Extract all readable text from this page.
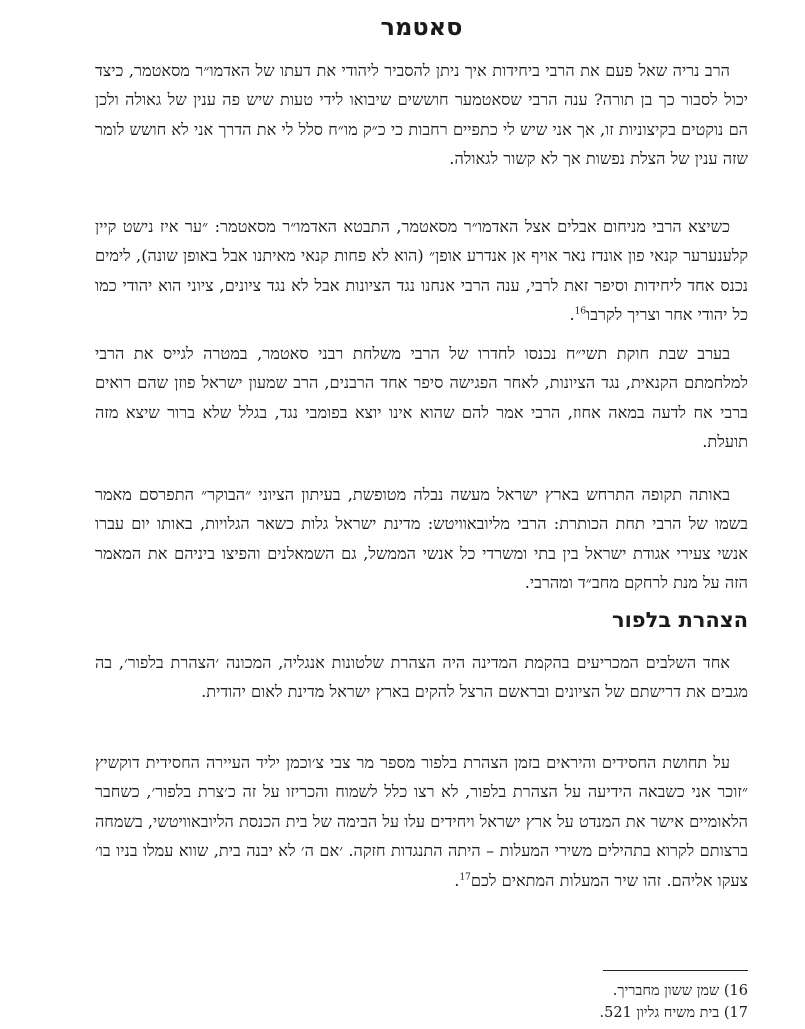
סאטמר

הרב נריה שאל פעם את הרבי ביחידות איך ניתן להסביר ליהודי את דעתו של האדמו״ר מסאטמר, כיצד יכול לסבור כך בן תורה? ענה הרבי שסאטמער חוששים שיבואו לידי טעות שיש פה ענין של גאולה ולכן הם נוקטים בקיצוניות זו, אך אני שיש לי כתפיים רחבות כי כ״ק מו״ח סלל לי את הדרך אני לא חושש לומר שזה ענין של הצלת נפשות אך לא קשור לגאולה.

כשיצא הרבי מניחום אבלים אצל האדמו״ר מסאטמר, התבטא האדמו״ר מסאטמר: ״ער איז נישט קיין קלענערער קנאי פון אונדז נאר אויף אן אנדרע אופן״ (הוא לא פחות קנאי מאיתנו אבל באופן שונה), לימים נכנס אחד ליחידות וסיפר זאת לרבי, ענה הרבי אנחנו נגד הציונות אבל לא נגד ציונים, ציוני הוא יהודי כמו כל יהודי אחר וצריך לקרבו$^{16}$.

בערב שבת חוקת תשי״ח נכנסו לחדרו של הרבי משלחת רבני סאטמר, במטרה לגייס את הרבי למלחמתם הקנאית, נגד הציונות, לאחר הפגישה סיפר אחד הרבנים, הרב שמעון ישראל פוזן שהם רואים ברבי אח לדעה במאה אחוז, הרבי אמר להם שהוא אינו יוצא בפומבי נגד, בגלל שלא ברור שיצא מזה תועלת.

באותה תקופה התרחש בארץ ישראל מעשה נבלה מטופשת, בעיתון הציוני ״הבוקר״ התפרסם מאמר בשמו של הרבי תחת הכותרת: הרבי מליובאוויטש: מדינת ישראל גלות כשאר הגלויות, באותו יום עברו אנשי צעירי אגודת ישראל בין בתי ומשרדי כל אנשי הממשל, גם השמאלנים והפיצו ביניהם את המאמר הזה על מנת לרחקם מחב״ד ומהרבי.

הצהרת בלפור

אחד השלבים המכריעים בהקמת המדינה היה הצהרת שלטונות אנגליה, המכונה ׳הצהרת בלפור׳, בה מגבים את דרישתם של הציונים ובראשם הרצל להקים בארץ ישראל מדינת לאום יהודית.

על תחושת החסידים והיראים בזמן הצהרת בלפור מספר מר צבי צ׳וכמן יליד העיירה החסידית דוקשיץ ״זוכר אני כשבאה הידיעה על הצהרת בלפור, לא רצו כלל לשמוח והכריזו על זה כ׳צרת בלפור׳, כשחבר הלאומיים אישר את המנדט על ארץ ישראל ויחידים עלו על הבימה של בית הכנסת הליובאוויטשי, בשמחה ברצותם לקרוא בתהילים משירי המעלות – היתה התנגדות חזקה. ׳אם ה׳ לא יבנה בית, שווא עמלו בניו בו׳ צעקו אליהם. זהו שיר המעלות המתאים לכם$^{17}$.

16) שמן ששון מחבריך.
17) בית משיח גליון 521.
